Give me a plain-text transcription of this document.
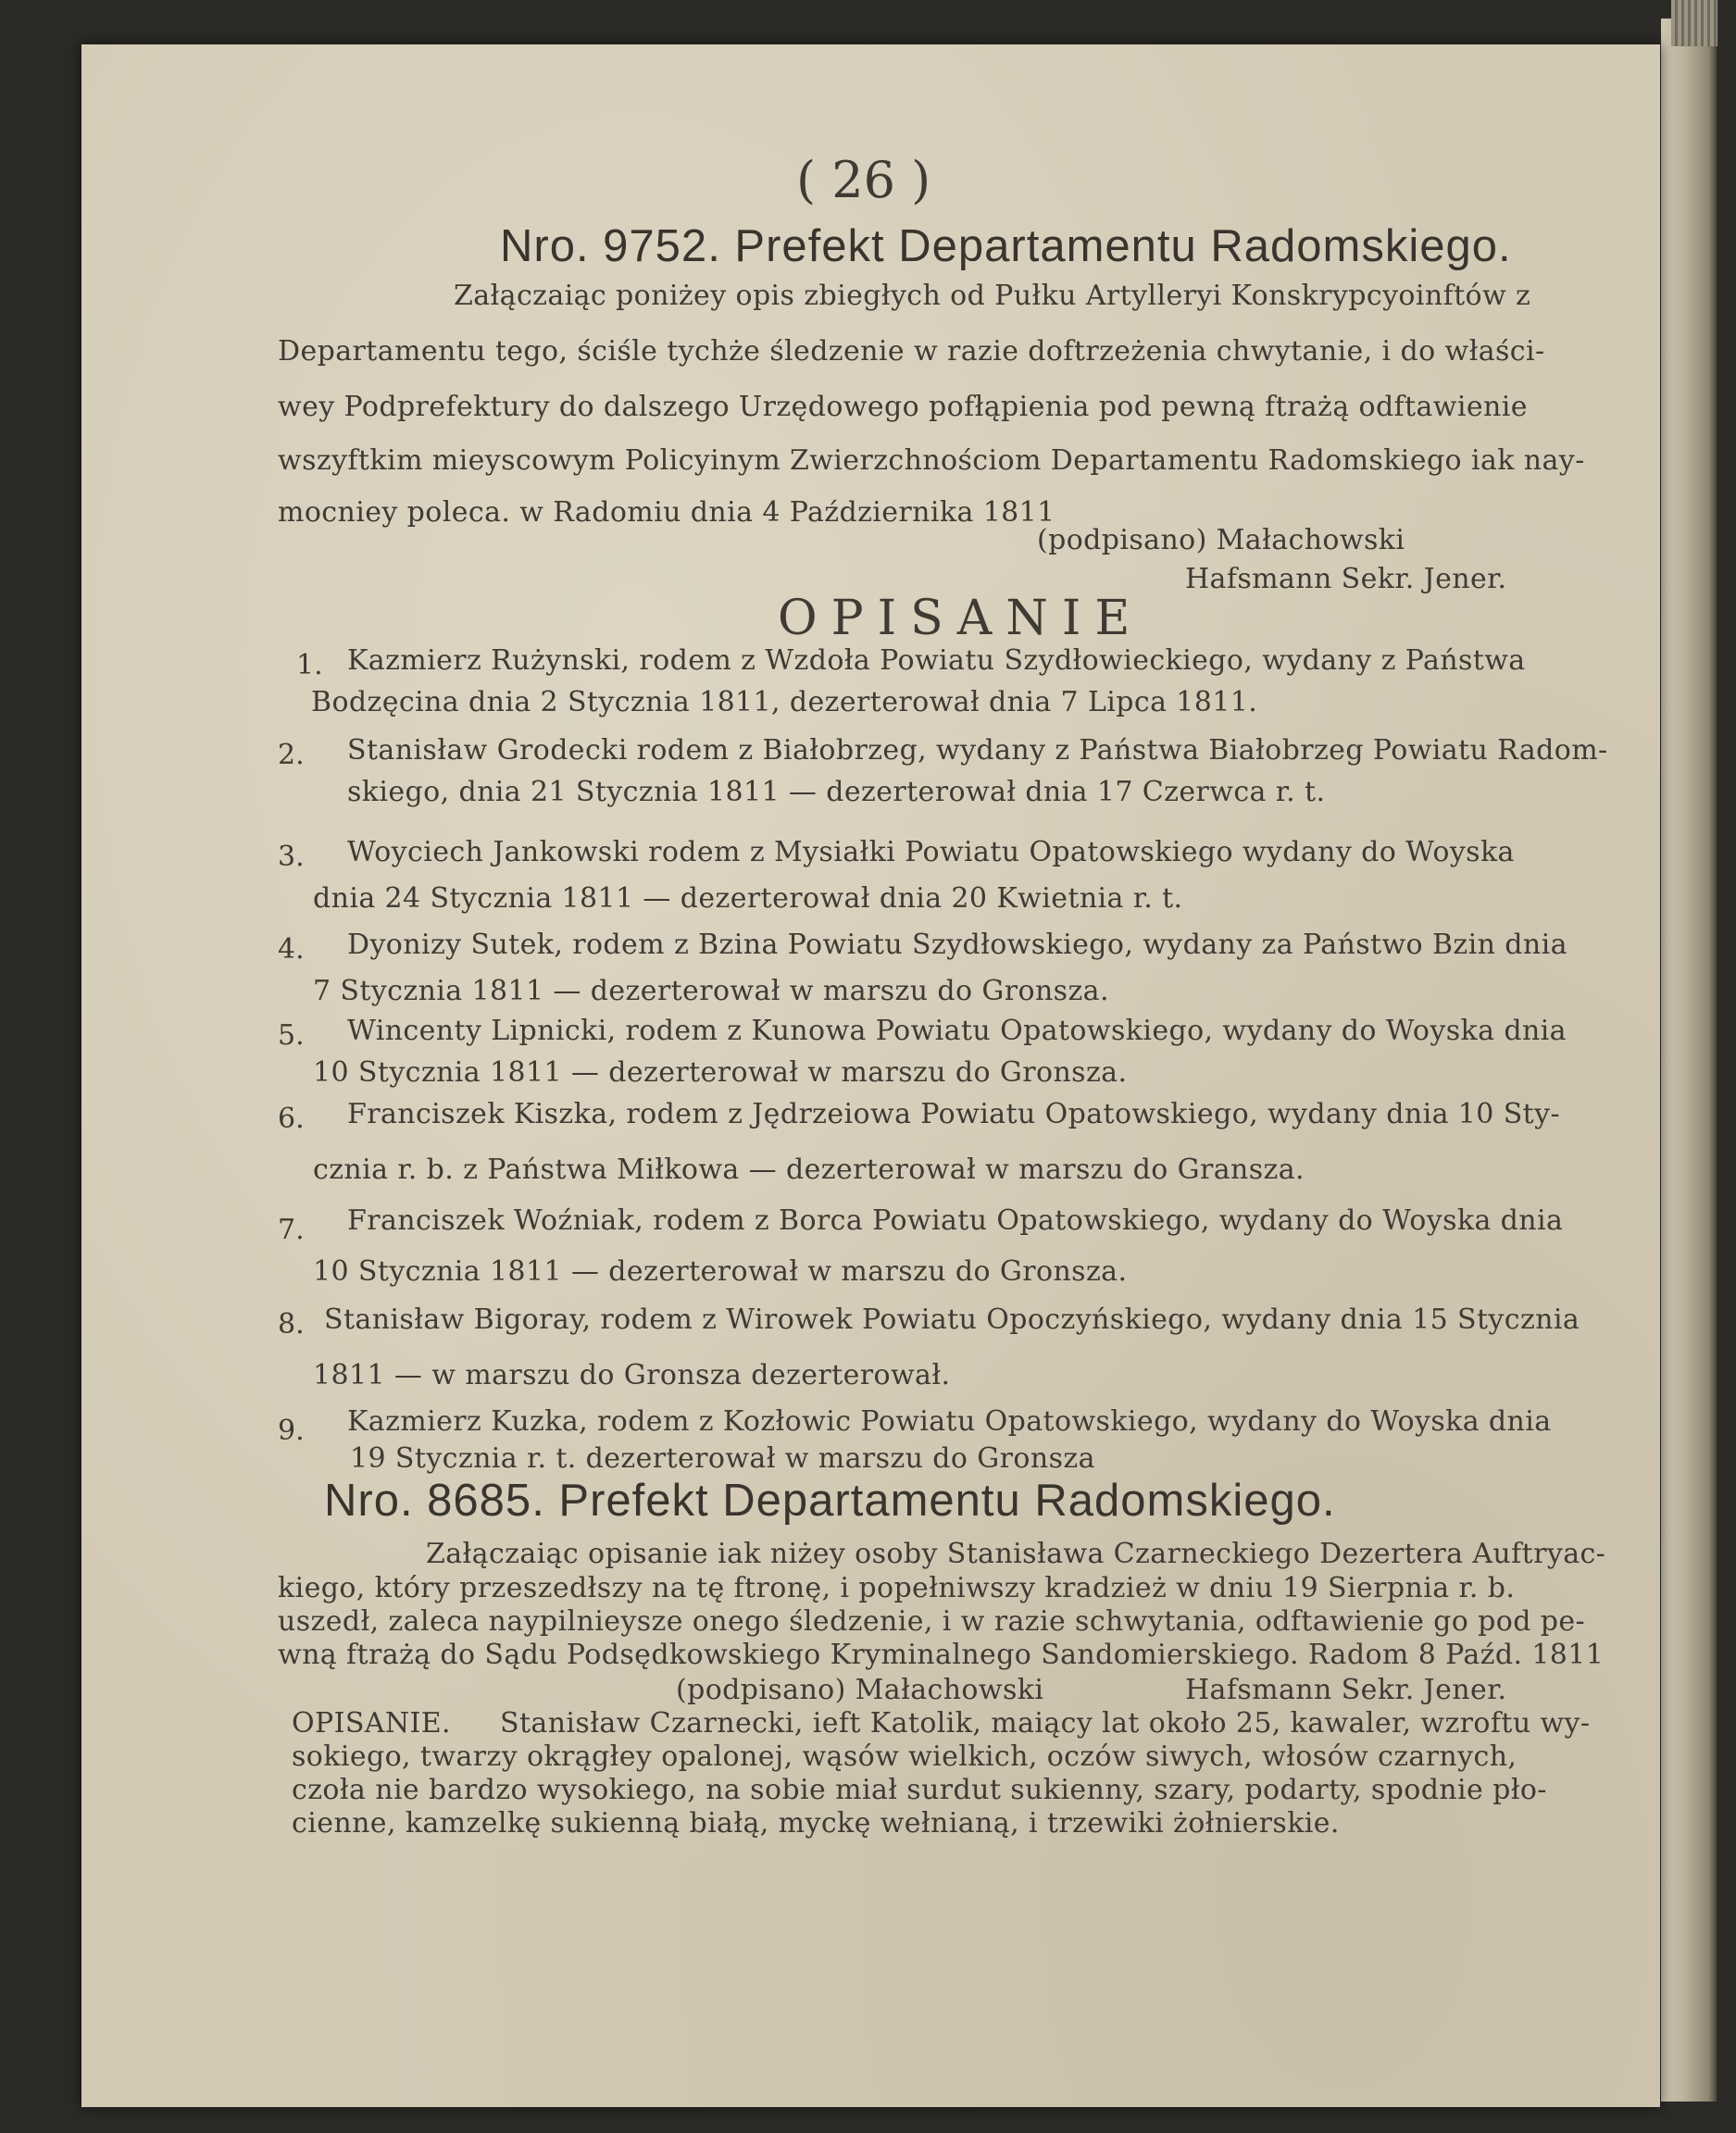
( 26 )
Nro. 9752. Prefekt Departamentu Radomskiego.
Załączaiąc poniżey opis zbiegłych od Pułku Artylleryi Konskrypcyoinftów z
Departamentu tego, ściśle tychże śledzenie w razie doftrzeżenia chwytanie, i do właści-
wey Podprefektury do dalszego Urzędowego pofłąpienia pod pewną ftrażą odftawienie
wszyftkim mieyscowym Policyinym Zwierzchnościom Departamentu Radomskiego iak nay-
mocniey poleca. w Radomiu dnia 4 Października 1811
(podpisano) Małachowski
Hafsmann Sekr. Jener.
OPISANIE
1. Kazmierz Rużynski, rodem z Wzdoła Powiatu Szydłowieckiego, wydany z Państwa
Bodzęcina dnia 2 Stycznia 1811, dezerterował dnia 7 Lipca 1811.
2. Stanisław Grodecki rodem z Białobrzeg, wydany z Państwa Białobrzeg Powiatu Radom-
skiego, dnia 21 Stycznia 1811 — dezerterował dnia 17 Czerwca r. t.
3. Woyciech Jankowski rodem z Mysiałki Powiatu Opatowskiego wydany do Woyska
dnia 24 Stycznia 1811 — dezerterował dnia 20 Kwietnia r. t.
4. Dyonizy Sutek, rodem z Bzina Powiatu Szydłowskiego, wydany za Państwo Bzin dnia
7 Stycznia 1811 — dezerterował w marszu do Gronsza.
5. Wincenty Lipnicki, rodem z Kunowa Powiatu Opatowskiego, wydany do Woyska dnia
10 Stycznia 1811 — dezerterował w marszu do Gronsza.
6. Franciszek Kiszka, rodem z Jędrzeiowa Powiatu Opatowskiego, wydany dnia 10 Sty-
cznia r. b. z Państwa Miłkowa — dezerterował w marszu do Gransza.
7. Franciszek Woźniak, rodem z Borca Powiatu Opatowskiego, wydany do Woyska dnia
10 Stycznia 1811 — dezerterował w marszu do Gronsza.
8. Stanisław Bigoray, rodem z Wirowek Powiatu Opoczyńskiego, wydany dnia 15 Stycznia
1811 — w marszu do Gronsza dezerterował.
9. Kazmierz Kuzka, rodem z Kozłowic Powiatu Opatowskiego, wydany do Woyska dnia
19 Stycznia r. t. dezerterował w marszu do Gronsza
Nro. 8685. Prefekt Departamentu Radomskiego.
Załączaiąc opisanie iak niżey osoby Stanisława Czarneckiego Dezertera Auftryac-
kiego, który przeszedłszy na tę ftronę, i popełniwszy kradzież w dniu 19 Sierpnia r. b.
uszedł, zaleca naypilnieysze onego śledzenie, i w razie schwytania, odftawienie go pod pe-
wną ftrażą do Sądu Podsędkowskiego Kryminalnego Sandomierskiego. Radom 8 Paźd. 1811
(podpisano) Małachowski	Hafsmann Sekr. Jener.
OPISANIE. Stanisław Czarnecki, ieft Katolik, maiący lat około 25, kawaler, wzroftu wy-
sokiego, twarzy okrągłey opalonej, wąsów wielkich, oczów siwych, włosów czarnych,
czoła nie bardzo wysokiego, na sobie miał surdut sukienny, szary, podarty, spodnie pło-
cienne, kamzelkę sukienną białą, myckę wełnianą, i trzewiki żołnierskie.
